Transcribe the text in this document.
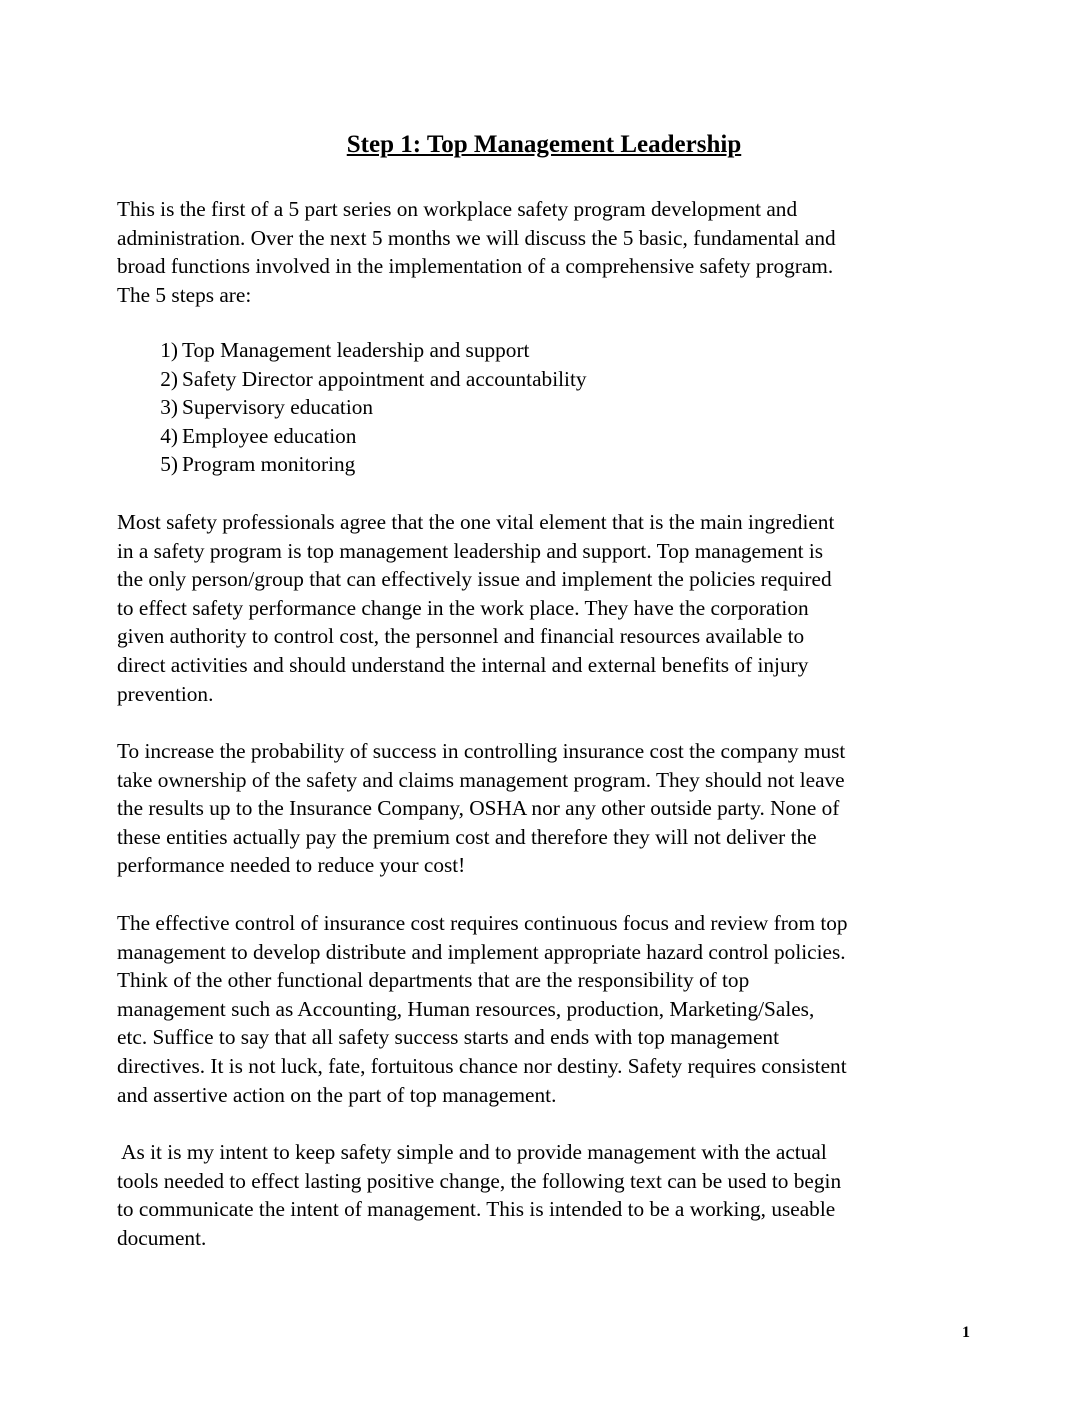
Step 1: Top Management Leadership

This is the first of a 5 part series on workplace safety program development and
administration. Over the next 5 months we will discuss the 5 basic, fundamental and
broad functions involved in the implementation of a comprehensive safety program.
The 5 steps are:

1) Top Management leadership and support
2) Safety Director appointment and accountability
3) Supervisory education
4) Employee education
5) Program monitoring

Most safety professionals agree that the one vital element that is the main ingredient
in a safety program is top management leadership and support. Top management is
the only person/group that can effectively issue and implement the policies required
to effect safety performance change in the work place. They have the corporation
given authority to control cost, the personnel and financial resources available to
direct activities and should understand the internal and external benefits of injury
prevention.

To increase the probability of success in controlling insurance cost the company must
take ownership of the safety and claims management program. They should not leave
the results up to the Insurance Company, OSHA nor any other outside party. None of
these entities actually pay the premium cost and therefore they will not deliver the
performance needed to reduce your cost!

The effective control of insurance cost requires continuous focus and review from top
management to develop distribute and implement appropriate hazard control policies.
Think of the other functional departments that are the responsibility of top
management such as Accounting, Human resources, production, Marketing/Sales,
etc. Suffice to say that all safety success starts and ends with top management
directives. It is not luck, fate, fortuitous chance nor destiny. Safety requires consistent
and assertive action on the part of top management.

As it is my intent to keep safety simple and to provide management with the actual
tools needed to effect lasting positive change, the following text can be used to begin
to communicate the intent of management. This is intended to be a working, useable
document.

1
